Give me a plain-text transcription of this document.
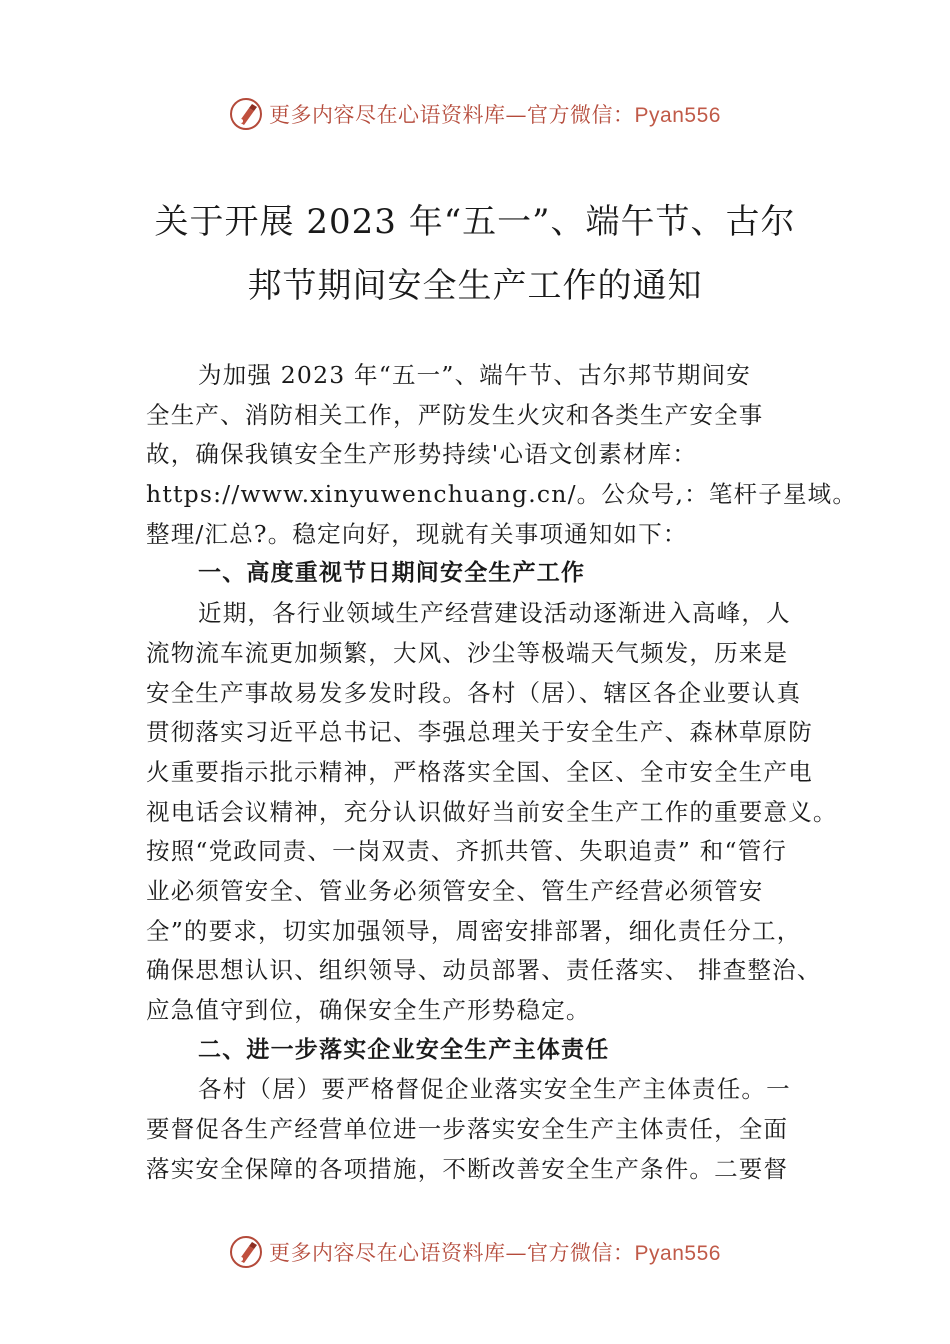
更多内容尽在心语资料库—官方微信：Pyan556
关于开展 2023 年“五一”、端午节、古尔
邦节期间安全生产工作的通知
为加强 2023 年“五一”、端午节、古尔邦节期间安
全生产、消防相关工作，严防发生火灾和各类生产安全事
故，确保我镇安全生产形势持续'心语文创素材库：
https://www.xinyuwenchuang.cn/。公众号,：笔杆子星域。
整理/汇总?。稳定向好，现就有关事项通知如下：
一、高度重视节日期间安全生产工作
近期，各行业领域生产经营建设活动逐渐进入高峰，人
流物流车流更加频繁，大风、沙尘等极端天气频发，历来是
安全生产事故易发多发时段。各村（居）、辖区各企业要认真
贯彻落实习近平总书记、李强总理关于安全生产、森林草原防
火重要指示批示精神，严格落实全国、全区、全市安全生产电
视电话会议精神，充分认识做好当前安全生产工作的重要意义。
按照“党政同责、一岗双责、齐抓共管、失职追责” 和“管行
业必须管安全、管业务必须管安全、管生产经营必须管安
全”的要求，切实加强领导，周密安排部署，细化责任分工，
确保思想认识、组织领导、动员部署、责任落实、 排查整治、
应急值守到位，确保安全生产形势稳定。
二、进一步落实企业安全生产主体责任
各村（居）要严格督促企业落实安全生产主体责任。一
要督促各生产经营单位进一步落实安全生产主体责任，全面
落实安全保障的各项措施，不断改善安全生产条件。二要督
更多内容尽在心语资料库—官方微信：Pyan556
